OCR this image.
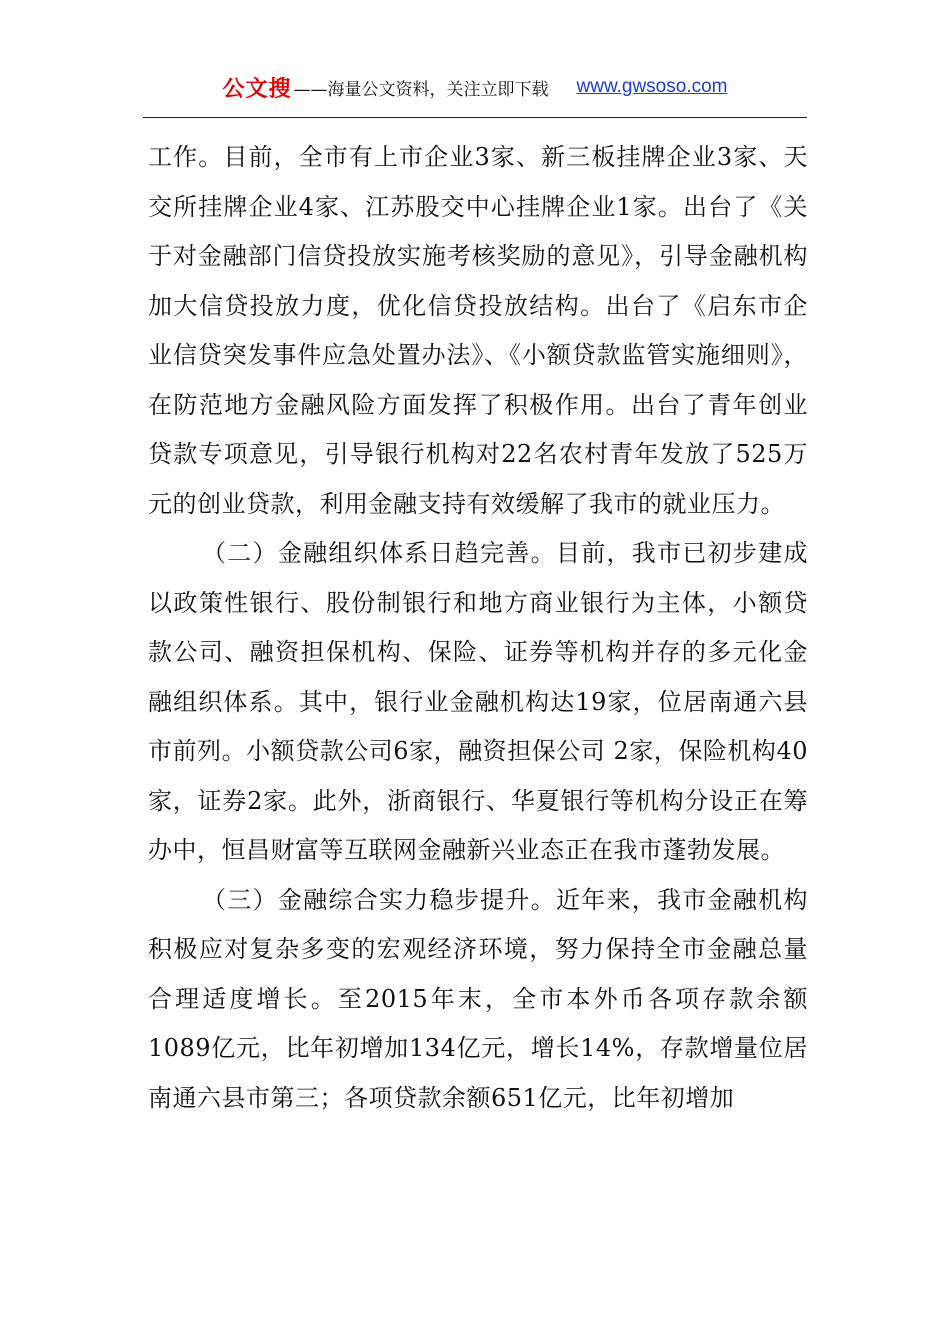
公文搜 ——海量公文资料，关注立即下载 www.gwsoso.com

工作。目前，全市有上市企业3家、新三板挂牌企业3家、天交所挂牌企业4家、江苏股交中心挂牌企业1家。出台了《关于对金融部门信贷投放实施考核奖励的意见》，引导金融机构加大信贷投放力度，优化信贷投放结构。出台了《启东市企业信贷突发事件应急处置办法》、《小额贷款监管实施细则》，在防范地方金融风险方面发挥了积极作用。出台了青年创业贷款专项意见，引导银行机构对22名农村青年发放了525万元的创业贷款，利用金融支持有效缓解了我市的就业压力。

（二）金融组织体系日趋完善。目前，我市已初步建成以政策性银行、股份制银行和地方商业银行为主体，小额贷款公司、融资担保机构、保险、证券等机构并存的多元化金融组织体系。其中，银行业金融机构达19家，位居南通六县市前列。小额贷款公司6家，融资担保公司 2家，保险机构40家，证券2家。此外，浙商银行、华夏银行等机构分设正在筹办中，恒昌财富等互联网金融新兴业态正在我市蓬勃发展。

（三）金融综合实力稳步提升。近年来，我市金融机构积极应对复杂多变的宏观经济环境，努力保持全市金融总量合理适度增长。至2015年末，全市本外币各项存款余额1089亿元，比年初增加134亿元，增长14%，存款增量位居南通六县市第三；各项贷款余额651亿元，比年初增加
